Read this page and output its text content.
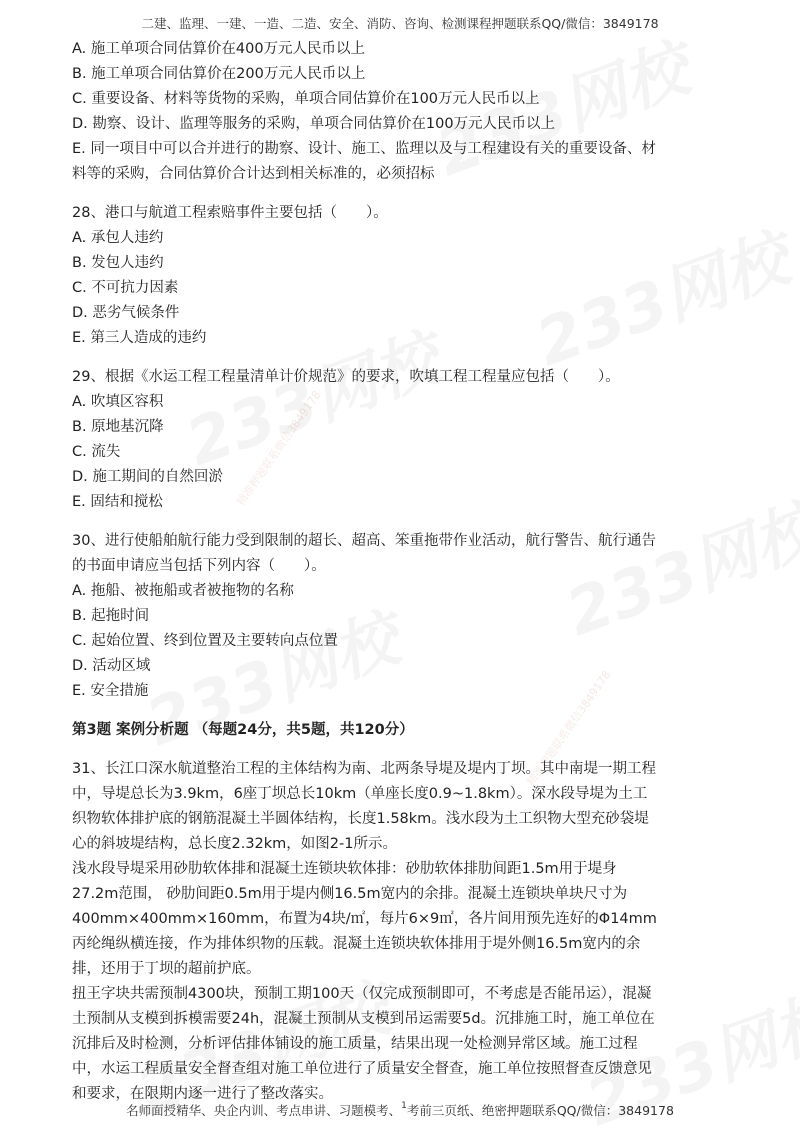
精准押题联系微信3849178
精准押题联系微信3849178
二建、监理、一建、一造、二造、安全、消防、咨询、检测课程押题联系QQ/微信：3849178
A. 施工单项合同估算价在400万元人民币以上
B. 施工单项合同估算价在200万元人民币以上
C. 重要设备、材料等货物的采购，单项合同估算价在100万元人民币以上
D. 勘察、设计、监理等服务的采购，单项合同估算价在100万元人民币以上
E. 同一项目中可以合并进行的勘察、设计、施工、监理以及与工程建设有关的重要设备、材
料等的采购，合同估算价合计达到相关标准的，必须招标
28、港口与航道工程索赔事件主要包括（　　）。
A. 承包人违约
B. 发包人违约
C. 不可抗力因素
D. 恶劣气候条件
E. 第三人造成的违约
29、根据《水运工程工程量清单计价规范》的要求，吹填工程工程量应包括（　　）。
A. 吹填区容积
B. 原地基沉降
C. 流失
D. 施工期间的自然回淤
E. 固结和搅松
30、进行使船舶航行能力受到限制的超长、超高、笨重拖带作业活动，航行警告、航行通告
的书面申请应当包括下列内容（　　）。
A. 拖船、被拖船或者被拖物的名称
B. 起拖时间
C. 起始位置、终到位置及主要转向点位置
D. 活动区域
E. 安全措施
第3题 案例分析题 （每题24分，共5题，共120分）
31、长江口深水航道整治工程的主体结构为南、北两条导堤及堤内丁坝。其中南堤一期工程
中，导堤总长为3.9km，6座丁坝总长10km（单座长度0.9~1.8km）。深水段导堤为土工
织物软体排护底的钢筋混凝土半圆体结构，长度1.58km。浅水段为土工织物大型充砂袋堤
心的斜坡堤结构，总长度2.32km，如图2-1所示。
浅水段导堤采用砂肋软体排和混凝土连锁块软体排：砂肋软体排肋间距1.5m用于堤身
27.2m范围， 砂肋间距0.5m用于堤内侧16.5m宽内的余排。混凝土连锁块单块尺寸为
400mm×400mm×160mm，布置为4块/㎡，每片6×9㎡，各片间用预先连好的Φ14mm
丙纶绳纵横连接，作为排体织物的压载。混凝土连锁块软体排用于堤外侧16.5m宽内的余
排，还用于丁坝的超前护底。
扭王字块共需预制4300块，预制工期100天（仅完成预制即可，不考虑是否能吊运），混凝
土预制从支模到拆模需要24h，混凝土预制从支模到吊运需要5d。沉排施工时，施工单位在
沉排后及时检测，分析评估排体铺设的施工质量，结果出现一处检测异常区域。施工过程
中，水运工程质量安全督查组对施工单位进行了质量安全督查，施工单位按照督查反馈意见
和要求，在限期内逐一进行了整改落实。
名师面授精华、央企内训、考点串讲、习题模考、$^1$考前三页纸、绝密押题联系QQ/微信：3849178
